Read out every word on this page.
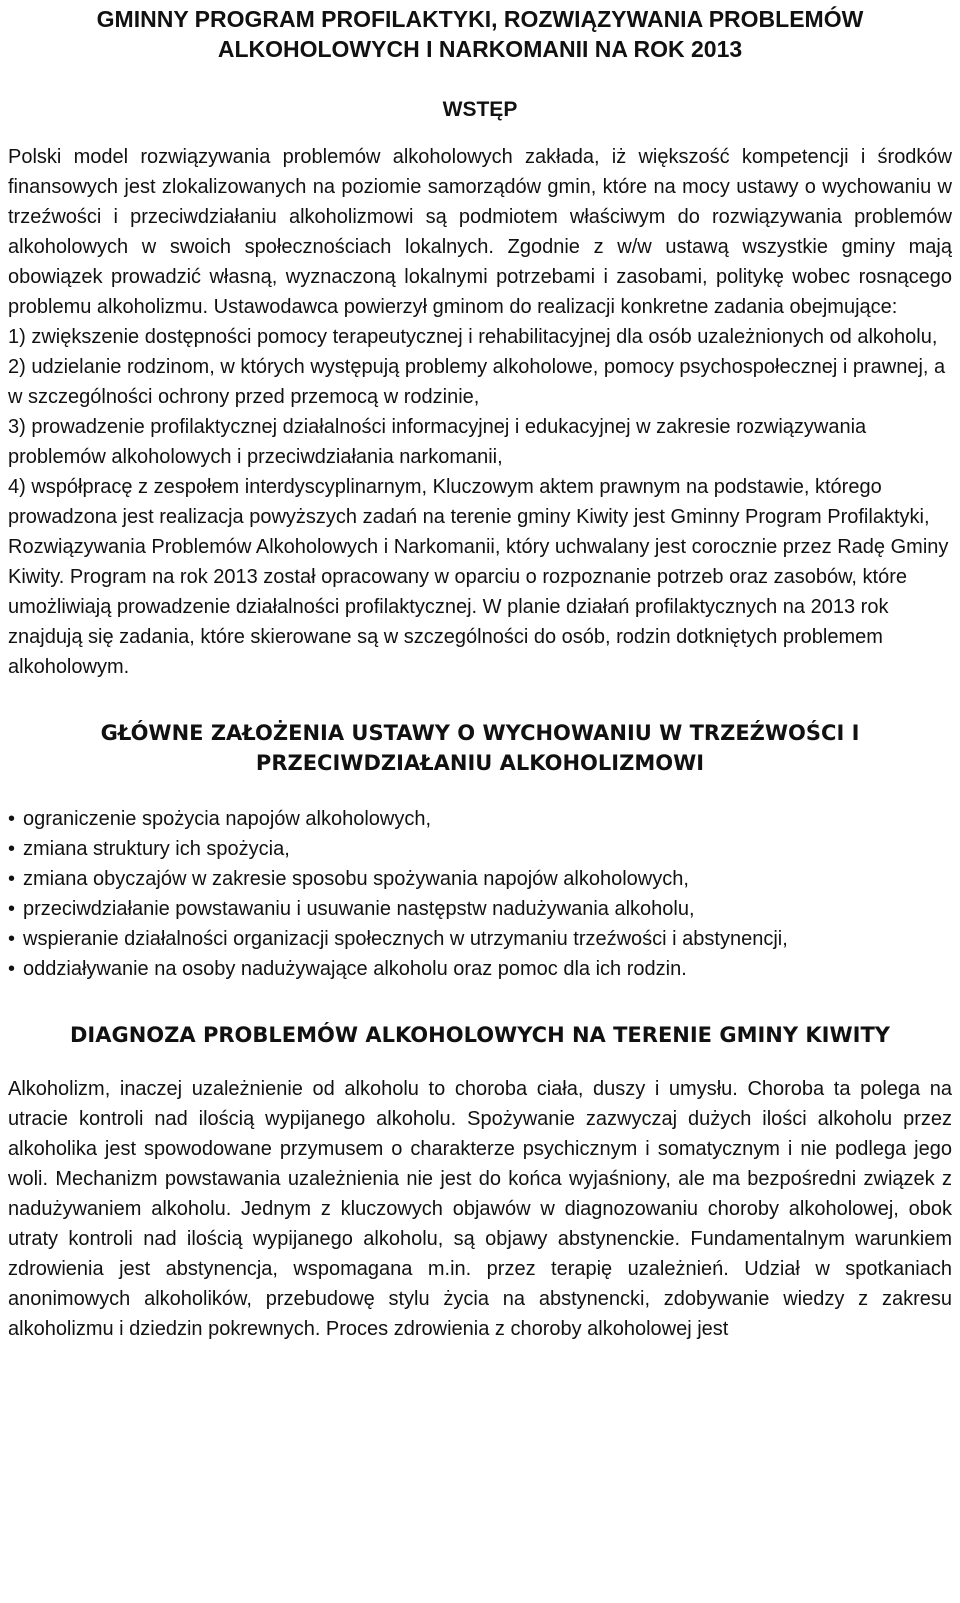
GMINNY PROGRAM PROFILAKTYKI, ROZWIĄZYWANIA PROBLEMÓW
ALKOHOLOWYCH I NARKOMANII NA ROK 2013
WSTĘP

Polski model rozwiązywania problemów alkoholowych zakłada, iż większość kompetencji i środków finansowych jest zlokalizowanych na poziomie samorządów gmin, które na mocy ustawy o wychowaniu w trzeźwości i przeciwdziałaniu alkoholizmowi są podmiotem właściwym do rozwiązywania problemów alkoholowych w swoich społecznościach lokalnych. Zgodnie z w/w ustawą wszystkie gminy mają obowiązek prowadzić własną, wyznaczoną lokalnymi potrzebami i zasobami, politykę wobec rosnącego problemu alkoholizmu. Ustawodawca powierzył gminom do realizacji konkretne zadania obejmujące:

1) zwiększenie dostępności pomocy terapeutycznej i rehabilitacyjnej dla osób uzależnionych od alkoholu,

2) udzielanie rodzinom, w których występują problemy alkoholowe, pomocy psychospołecznej i prawnej, a w szczególności ochrony przed przemocą w rodzinie,

3) prowadzenie profilaktycznej działalności informacyjnej i edukacyjnej w zakresie rozwiązywania problemów alkoholowych i przeciwdziałania narkomanii,

4) współpracę z zespołem interdyscyplinarnym, Kluczowym aktem prawnym na podstawie, którego prowadzona jest realizacja powyższych zadań na terenie gminy Kiwity jest Gminny Program Profilaktyki, Rozwiązywania Problemów Alkoholowych i Narkomanii, który uchwalany jest corocznie przez Radę Gminy Kiwity. Program na rok 2013 został opracowany w oparciu o rozpoznanie potrzeb oraz zasobów, które umożliwiają prowadzenie działalności profilaktycznej. W planie działań profilaktycznych na 2013 rok znajdują się zadania, które skierowane są w szczególności do osób, rodzin dotkniętych problemem alkoholowym.

GŁÓWNE ZAŁOŻENIA USTAWY O WYCHOWANIU W TRZEŹWOŚCI I
PRZECIWDZIAŁANIU ALKOHOLIZMOWI
• ograniczenie spożycia napojów alkoholowych,
• zmiana struktury ich spożycia,
• zmiana obyczajów w zakresie sposobu spożywania napojów alkoholowych,
• przeciwdziałanie powstawaniu i usuwanie następstw nadużywania alkoholu,
• wspieranie działalności organizacji społecznych w utrzymaniu trzeźwości i abstynencji,
• oddziaływanie na osoby nadużywające alkoholu oraz pomoc dla ich rodzin.
DIAGNOZA PROBLEMÓW ALKOHOLOWYCH NA TERENIE GMINY KIWITY

Alkoholizm, inaczej uzależnienie od alkoholu to choroba ciała, duszy i umysłu. Choroba ta polega na utracie kontroli nad ilością wypijanego alkoholu. Spożywanie zazwyczaj dużych ilości alkoholu przez alkoholika jest spowodowane przymusem o charakterze psychicznym i somatycznym i nie podlega jego woli. Mechanizm powstawania uzależnienia nie jest do końca wyjaśniony, ale ma bezpośredni związek z nadużywaniem alkoholu. Jednym z kluczowych objawów w diagnozowaniu choroby alkoholowej, obok utraty kontroli nad ilością wypijanego alkoholu, są objawy abstynenckie. Fundamentalnym warunkiem zdrowienia jest abstynencja, wspomagana m.in. przez terapię uzależnień. Udział w spotkaniach anonimowych alkoholików, przebudowę stylu życia na abstynencki, zdobywanie wiedzy z zakresu alkoholizmu i dziedzin pokrewnych. Proces zdrowienia z choroby alkoholowej jest
